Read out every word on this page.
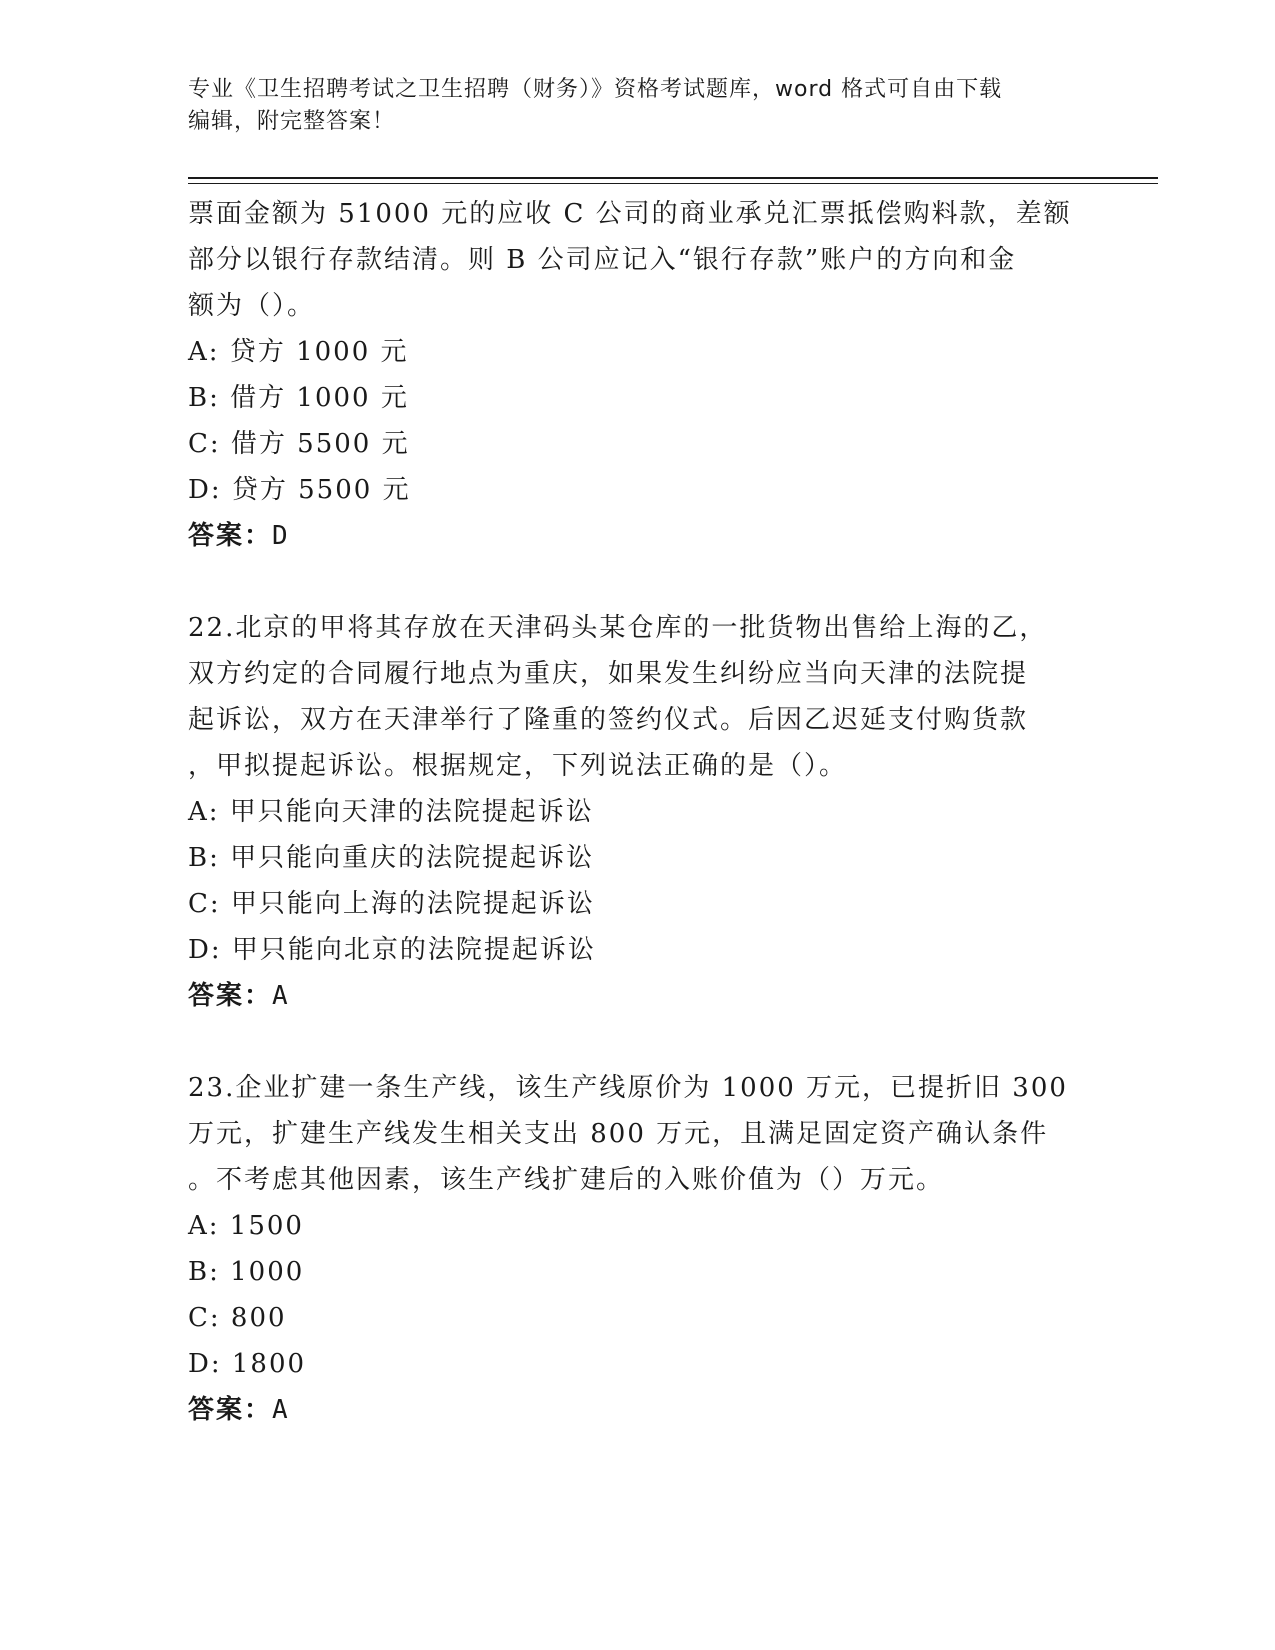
专业《卫生招聘考试之卫生招聘（财务）》资格考试题库，word 格式可自由下载
编辑，附完整答案！
票面金额为 51000 元的应收 C 公司的商业承兑汇票抵偿购料款，差额
部分以银行存款结清。则 B 公司应记入“银行存款”账户的方向和金
额为（）。
A: 贷方 1000 元
B: 借方 1000 元
C: 借方 5500 元
D: 贷方 5500 元
答案：D
22.北京的甲将其存放在天津码头某仓库的一批货物出售给上海的乙，
双方约定的合同履行地点为重庆，如果发生纠纷应当向天津的法院提
起诉讼，双方在天津举行了隆重的签约仪式。后因乙迟延支付购货款
，甲拟提起诉讼。根据规定，下列说法正确的是（）。
A: 甲只能向天津的法院提起诉讼
B: 甲只能向重庆的法院提起诉讼
C: 甲只能向上海的法院提起诉讼
D: 甲只能向北京的法院提起诉讼
答案：A
23.企业扩建一条生产线，该生产线原价为 1000 万元，已提折旧 300
万元，扩建生产线发生相关支出 800 万元，且满足固定资产确认条件
。不考虑其他因素，该生产线扩建后的入账价值为（）万元。
A: 1500
B: 1000
C: 800
D: 1800
答案：A
